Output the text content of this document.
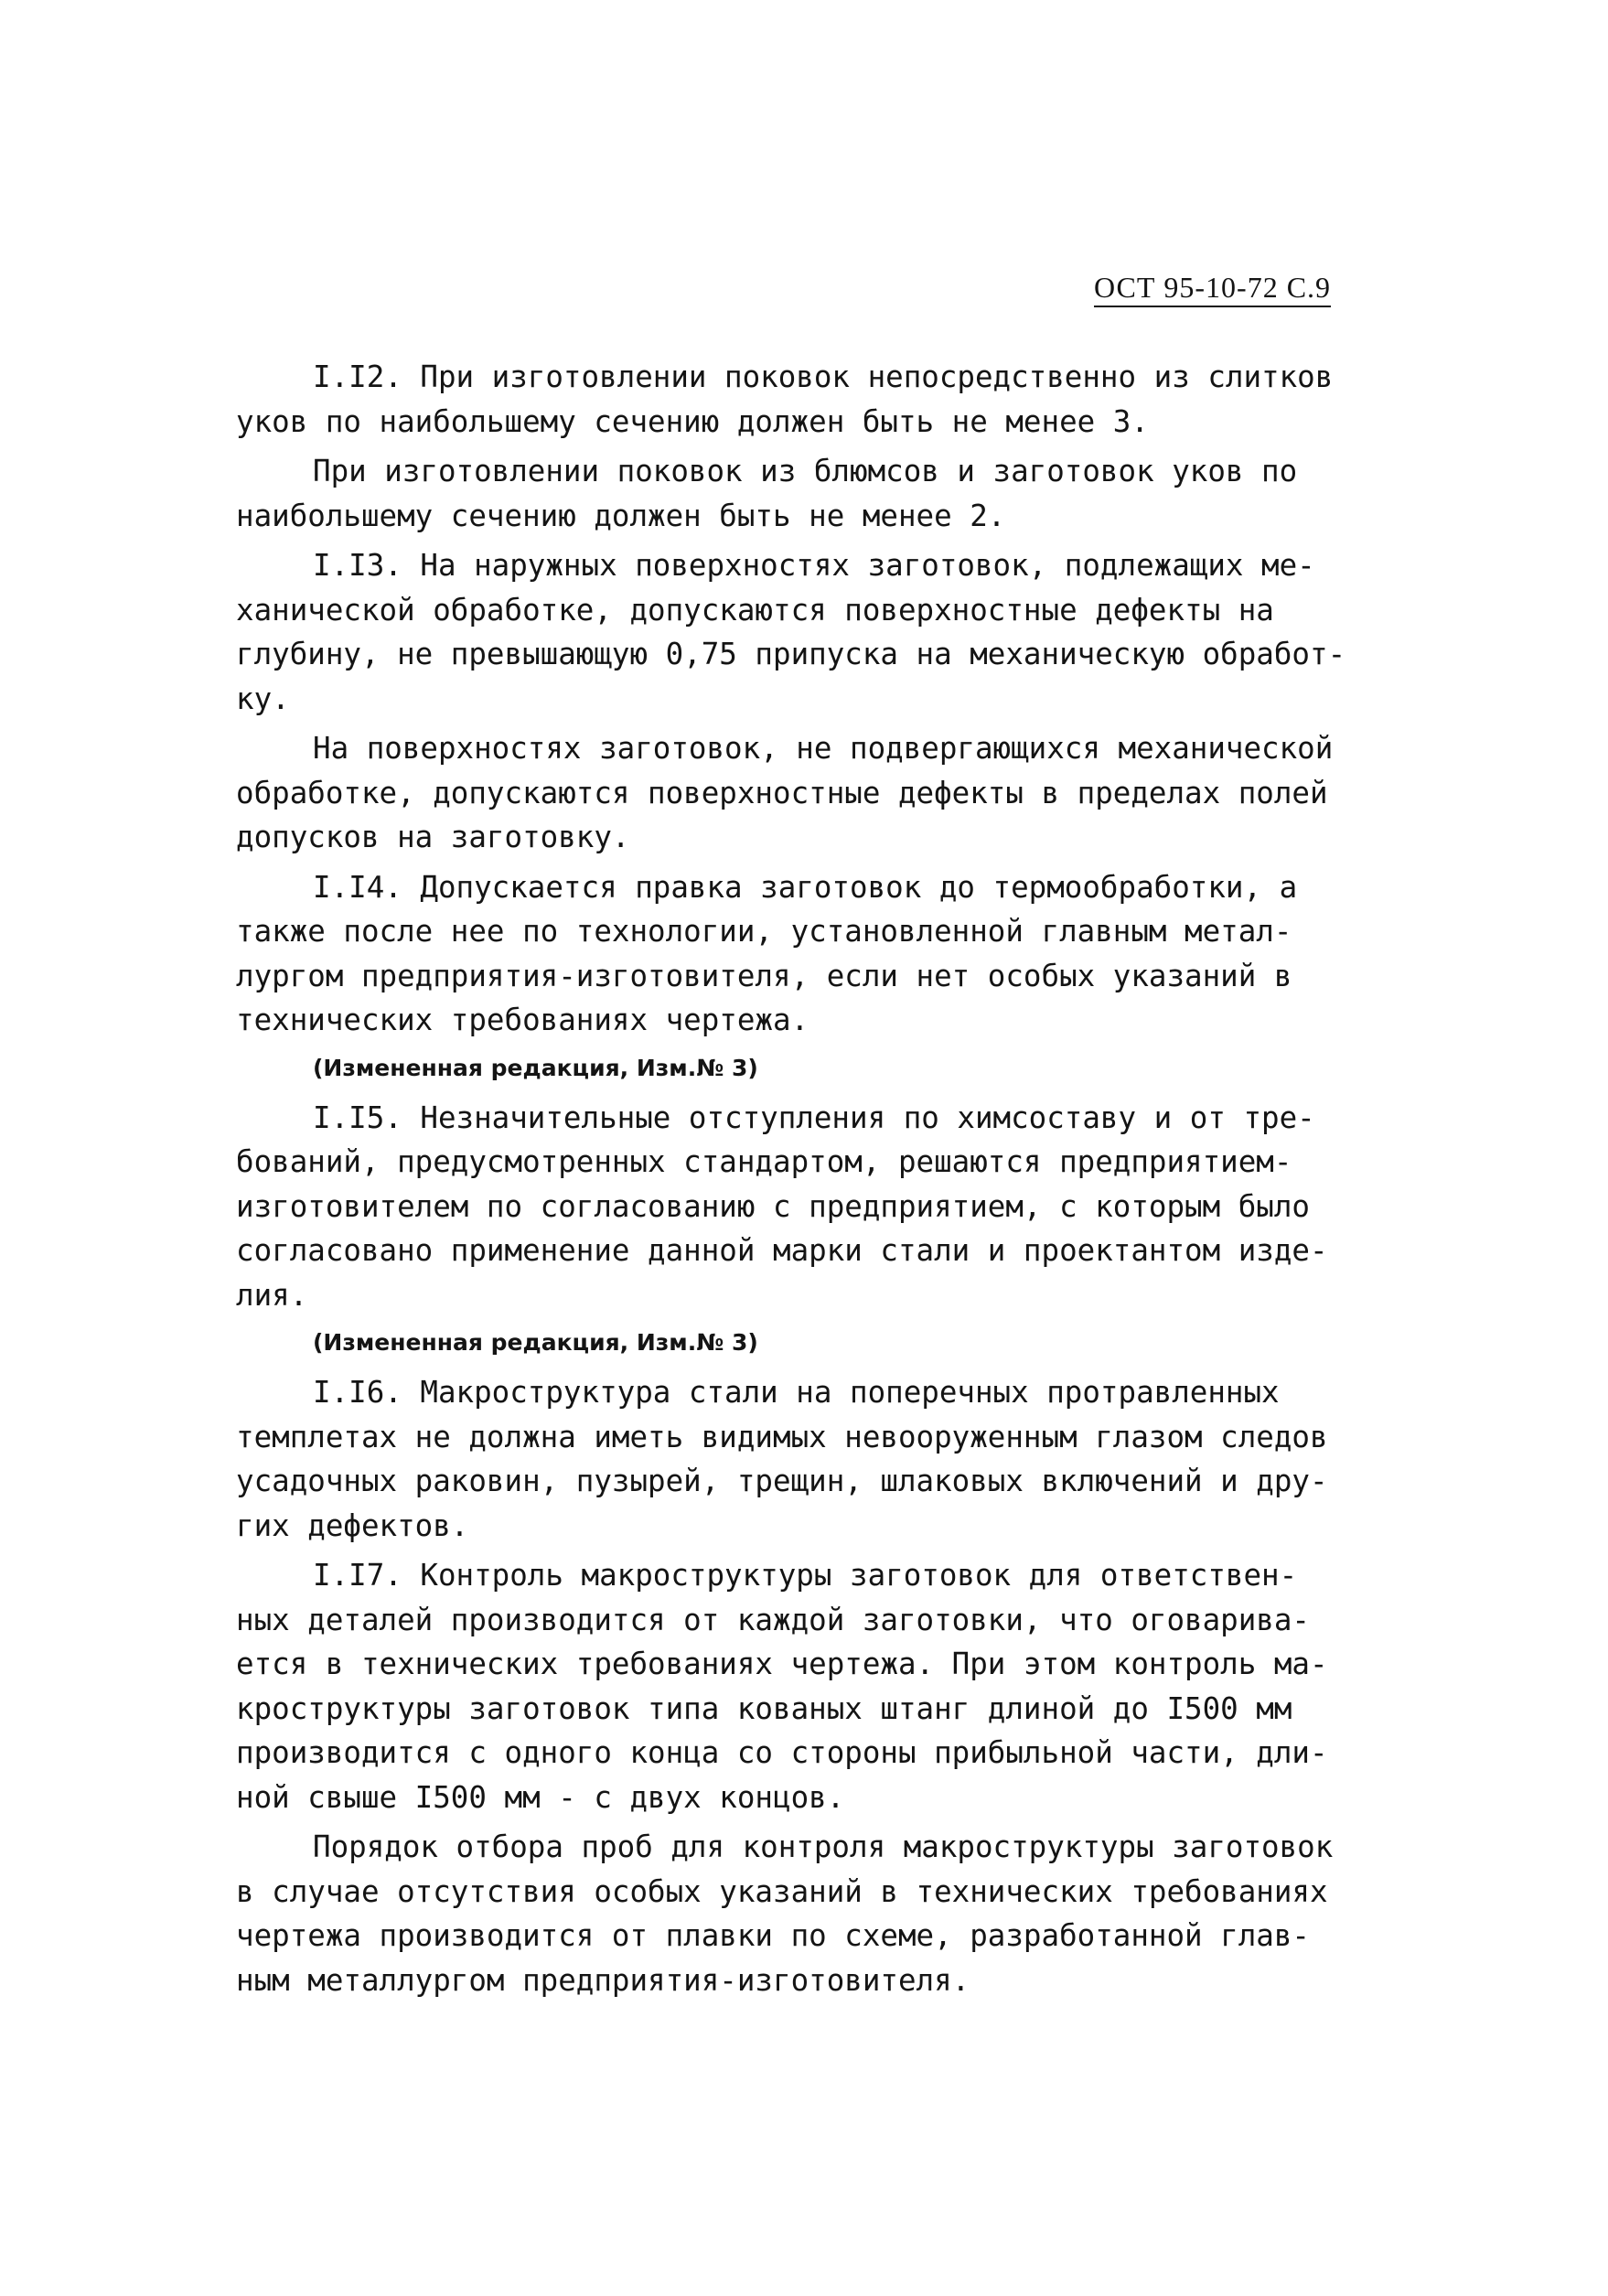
ОСТ 95-10-72 С.9
I.I2. При изготовлении поковок непосредственно из слитков
уков по наибольшему сечению должен быть не менее 3.
При изготовлении поковок из блюмсов и заготовок уков по
наибольшему сечению должен быть не менее 2.
I.I3. На наружных поверхностях заготовок, подлежащих ме-
ханической обработке, допускаются поверхностные дефекты на
глубину, не превышающую 0,75 припуска на механическую обработ-
ку.
На поверхностях заготовок, не подвергающихся механической
обработке, допускаются поверхностные дефекты в пределах полей
допусков на заготовку.
I.I4. Допускается правка заготовок до термообработки, а
также после нее по технологии, установленной главным метал-
лургом предприятия-изготовителя, если нет особых указаний в
технических требованиях чертежа.
(Измененная редакция, Изм.№ 3)
I.I5. Незначительные отступления по химсоставу и от тре-
бований, предусмотренных стандартом, решаются предприятием-
изготовителем по согласованию с предприятием, с которым было
согласовано применение данной марки стали и проектантом изде-
лия.
(Измененная редакция, Изм.№ 3)
I.I6. Макроструктура стали на поперечных протравленных
темплетах не должна иметь видимых невооруженным глазом следов
усадочных раковин, пузырей, трещин, шлаковых включений и дру-
гих дефектов.
I.I7. Контроль макроструктуры заготовок для ответствен-
ных деталей производится от каждой заготовки, что оговарива-
ется в технических требованиях чертежа. При этом контроль ма-
кроструктуры заготовок типа кованых штанг длиной до I500 мм
производится с одного конца со стороны прибыльной части, дли-
ной свыше I500 мм - с двух концов.
Порядок отбора проб для контроля макроструктуры заготовок
в случае отсутствия особых указаний в технических требованиях
чертежа производится от плавки по схеме, разработанной глав-
ным металлургом предприятия-изготовителя.
